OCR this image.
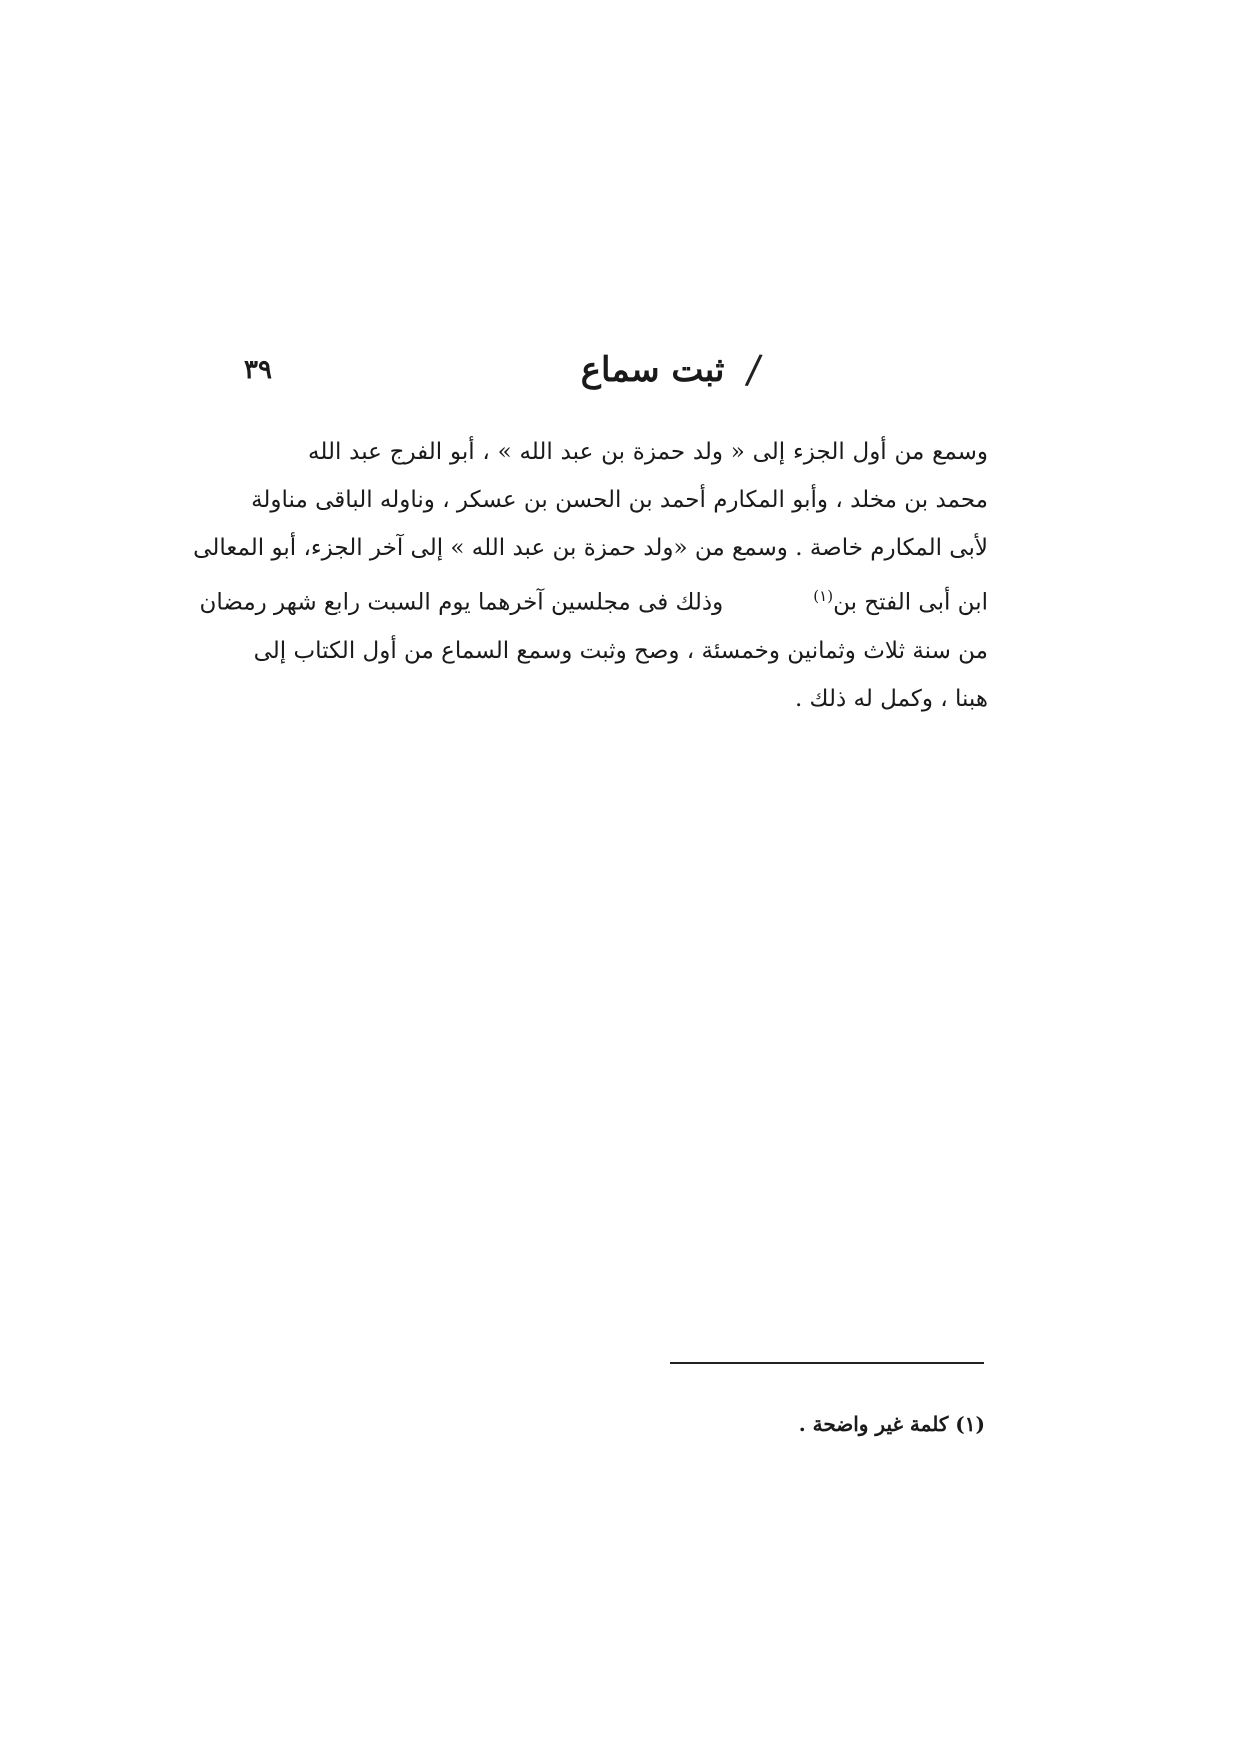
٣٩	/
ثبت سماع
وسمع من أول الجزء إلى « ولد حمزة بن عبد الله » ، أبو الفرج عبد الله
محمد بن مخلد ، وأبو المكارم أحمد بن الحسن بن عسكر ، وناوله الباقى مناولة
لأبى المكارم خاصة . وسمع من «ولد حمزة بن عبد الله » إلى آخر الجزء، أبو المعالى
ابن أبى الفتح بن$^{(١)}$وذلك فى مجلسين آخرهما يوم السبت رابع شهر رمضان
من سنة ثلاث وثمانين وخمسئة ، وصح وثبت وسمع السماع من أول الكتاب إلى
هبنا ، وكمل له ذلك .
(١) كلمة غير واضحة .
